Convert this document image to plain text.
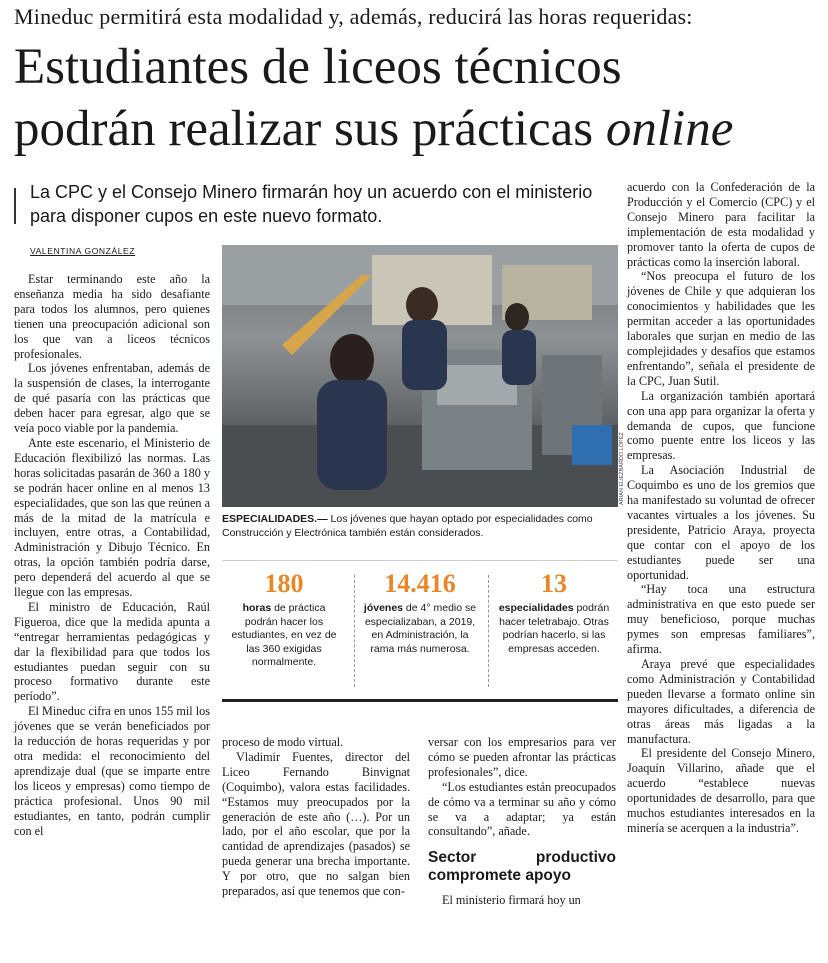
Mineduc permitirá esta modalidad y, además, reducirá las horas requeridas:
Estudiantes de liceos técnicos
podrán realizar sus prácticas online
La CPC y el Consejo Minero firmarán hoy un acuerdo con el ministerio para disponer cupos en este nuevo formato.
VALENTINA GONZÁLEZ

Estar terminando este año la enseñanza media ha sido desafiante para todos los alumnos, pero quienes tienen una preocupación adicional son los que van a liceos técnicos profesionales.

Los jóvenes enfrentaban, además de la suspensión de clases, la interrogante de qué pasaría con las prácticas que deben hacer para egresar, algo que se veía poco viable por la pandemia.

Ante este escenario, el Ministerio de Educación flexibilizó las normas. Las horas solicitadas pasarán de 360 a 180 y se podrán hacer online en al menos 13 especialidades, que son las que reúnen a más de la mitad de la matrícula e incluyen, entre otras, a Contabilidad, Administración y Dibujo Técnico. En otras, la opción también podría darse, pero dependerá del acuerdo al que se llegue con las empresas.

El ministro de Educación, Raúl Figueroa, dice que la medida apunta a “entregar herramientas pedagógicas y dar la flexibilidad para que todos los estudiantes puedan seguir con su proceso formativo durante este período”.

El Mineduc cifra en unos 155 mil los jóvenes que se verán beneficiados por la reducción de horas requeridas y por otra medida: el reconocimiento del aprendizaje dual (que se imparte entre los liceos y empresas) como tiempo de práctica profesional. Unos 90 mil estudiantes, en tanto, podrán cumplir con el

ARIAN ELIEZBARDO LÓPEZ
ESPECIALIDADES.— Los jóvenes que hayan optado por especialidades como Construcción y Electrónica también están considerados.
180
horas de práctica podrán hacer los estudiantes, en vez de las 360 exigidas normalmente.
14.416
jóvenes de 4° medio se especializaban, a 2019, en Administración, la rama más numerosa.
13
especialidades podrán hacer teletrabajo. Otras podrían hacerlo, si las empresas acceden.

proceso de modo virtual.

Vladimir Fuentes, director del Liceo Fernando Binvignat (Coquimbo), valora estas facilidades. “Estamos muy preocupados por la generación de este año (…). Por un lado, por el año escolar, que por la cantidad de aprendizajes (pasados) se pueda generar una brecha importante. Y por otro, que no salgan bien preparados, así que tenemos que con-

versar con los empresarios para ver cómo se pueden afrontar las prácticas profesionales”, dice.

“Los estudiantes están preocupados de cómo va a terminar su año y cómo se va a adaptar; ya están consultando”, añade.

Sector productivo compromete apoyo

El ministerio firmará hoy un

acuerdo con la Confederación de la Producción y el Comercio (CPC) y el Consejo Minero para facilitar la implementación de esta modalidad y promover tanto la oferta de cupos de prácticas como la inserción laboral.

“Nos preocupa el futuro de los jóvenes de Chile y que adquieran los conocimientos y habilidades que les permitan acceder a las oportunidades laborales que surjan en medio de las complejidades y desafíos que estamos enfrentando”, señala el presidente de la CPC, Juan Sutil.

La organización también aportará con una app para organizar la oferta y demanda de cupos, que funcione como puente entre los liceos y las empresas.

La Asociación Industrial de Coquimbo es uno de los gremios que ha manifestado su voluntad de ofrecer vacantes virtuales a los jóvenes. Su presidente, Patricio Araya, proyecta que contar con el apoyo de los estudiantes puede ser una oportunidad.

“Hay toca una estructura administrativa en que esto puede ser muy beneficioso, porque muchas pymes son empresas familiares”, afirma.

Araya prevé que especialidades como Administración y Contabilidad pueden llevarse a formato online sin mayores dificultades, a diferencia de otras áreas más ligadas a la manufactura.

El presidente del Consejo Minero, Joaquín Villarino, añade que el acuerdo “establece nuevas oportunidades de desarrollo, para que muchos estudiantes interesados en la minería se acerquen a la industria”.
